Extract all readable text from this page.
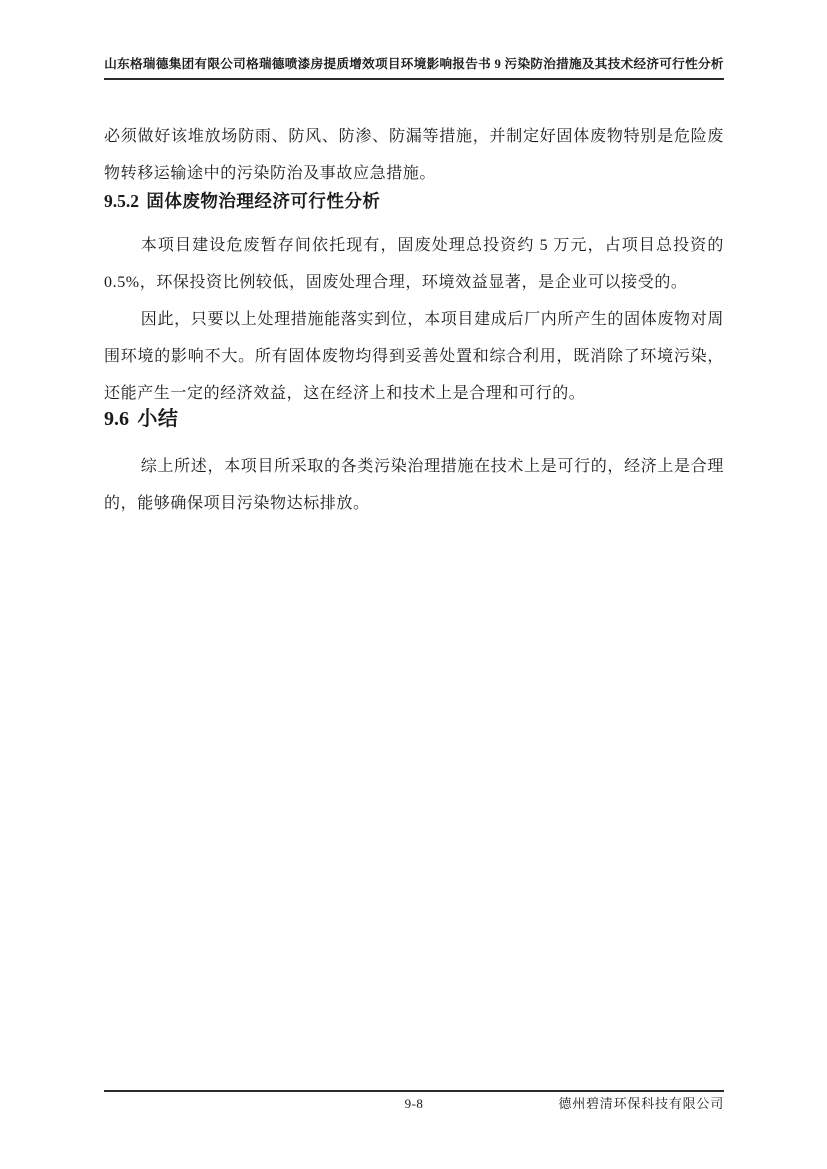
山东格瑞德集团有限公司格瑞德喷漆房提质增效项目环境影响报告书 9 污染防治措施及其技术经济可行性分析

必须做好该堆放场防雨、防风、防渗、防漏等措施，并制定好固体废物特别是危险废物转移运输途中的污染防治及事故应急措施。

9.5.2 固体废物治理经济可行性分析

本项目建设危废暂存间依托现有，固废处理总投资约 5 万元，占项目总投资的0.5%，环保投资比例较低，固废处理合理，环境效益显著，是企业可以接受的。

因此，只要以上处理措施能落实到位，本项目建成后厂内所产生的固体废物对周围环境的影响不大。所有固体废物均得到妥善处置和综合利用，既消除了环境污染，还能产生一定的经济效益，这在经济上和技术上是合理和可行的。

9.6 小结

综上所述，本项目所采取的各类污染治理措施在技术上是可行的，经济上是合理的，能够确保项目污染物达标排放。

9-8	德州碧清环保科技有限公司
